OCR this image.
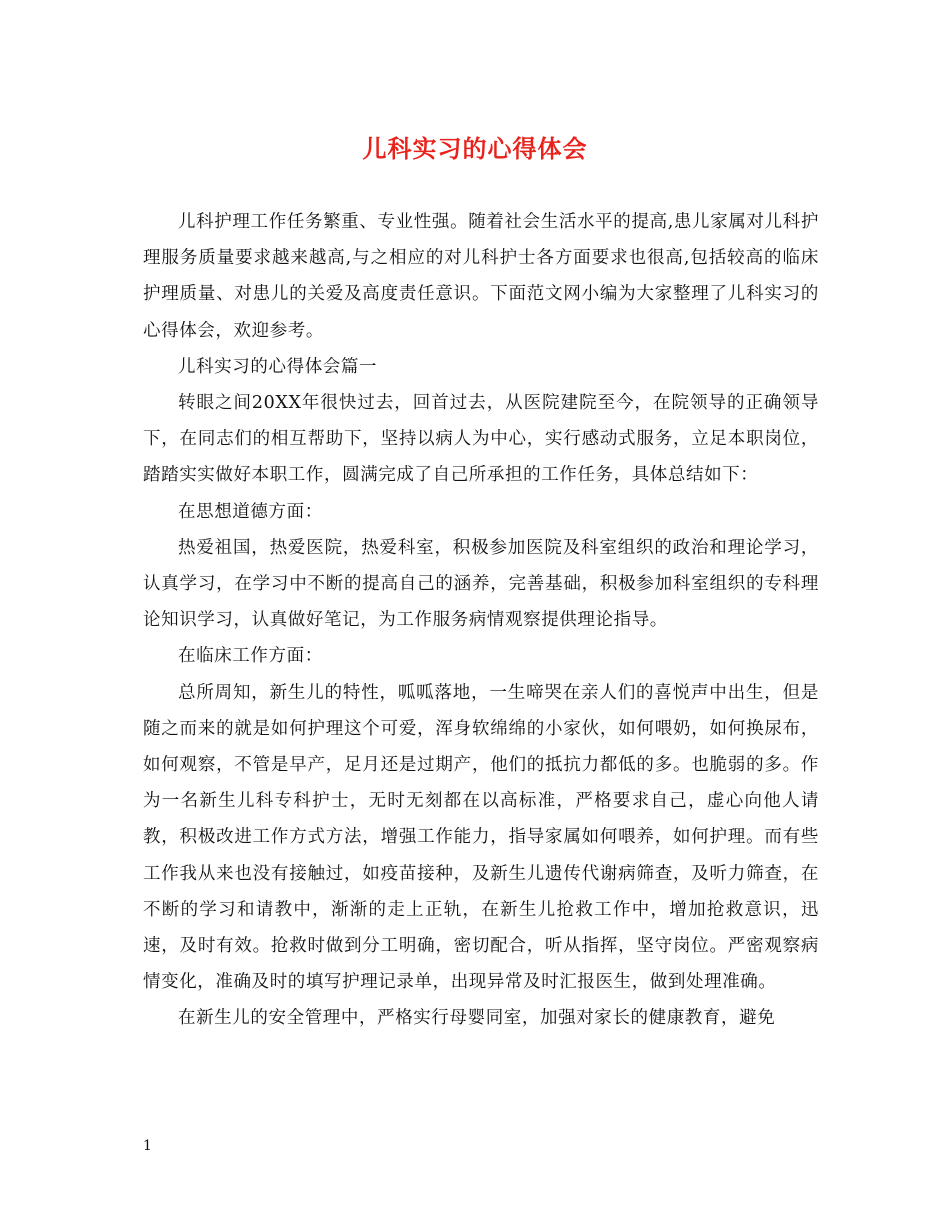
儿科实习的心得体会

儿科护理工作任务繁重、专业性强。随着社会生活水平的提高,患儿家属对儿科护理服务质量要求越来越高,与之相应的对儿科护士各方面要求也很高,包括较高的临床护理质量、对患儿的关爱及高度责任意识。下面范文网小编为大家整理了儿科实习的心得体会，欢迎参考。

儿科实习的心得体会篇一

转眼之间20XX年很快过去，回首过去，从医院建院至今，在院领导的正确领导下，在同志们的相互帮助下，坚持以病人为中心，实行感动式服务，立足本职岗位，踏踏实实做好本职工作，圆满完成了自己所承担的工作任务，具体总结如下：

在思想道德方面：

热爱祖国，热爱医院，热爱科室，积极参加医院及科室组织的政治和理论学习，认真学习，在学习中不断的提高自己的涵养，完善基础，积极参加科室组织的专科理论知识学习，认真做好笔记，为工作服务病情观察提供理论指导。

在临床工作方面：

总所周知，新生儿的特性，呱呱落地，一生啼哭在亲人们的喜悦声中出生，但是随之而来的就是如何护理这个可爱，浑身软绵绵的小家伙，如何喂奶，如何换尿布，如何观察，不管是早产，足月还是过期产，他们的抵抗力都低的多。也脆弱的多。作为一名新生儿科专科护士，无时无刻都在以高标准，严格要求自己，虚心向他人请教，积极改进工作方式方法，增强工作能力，指导家属如何喂养，如何护理。而有些工作我从来也没有接触过，如疫苗接种，及新生儿遗传代谢病筛查，及听力筛查，在不断的学习和请教中，渐渐的走上正轨，在新生儿抢救工作中，增加抢救意识，迅速，及时有效。抢救时做到分工明确，密切配合，听从指挥，坚守岗位。严密观察病情变化，准确及时的填写护理记录单，出现异常及时汇报医生，做到处理准确。

在新生儿的安全管理中，严格实行母婴同室，加强对家长的健康教育，避免

1
